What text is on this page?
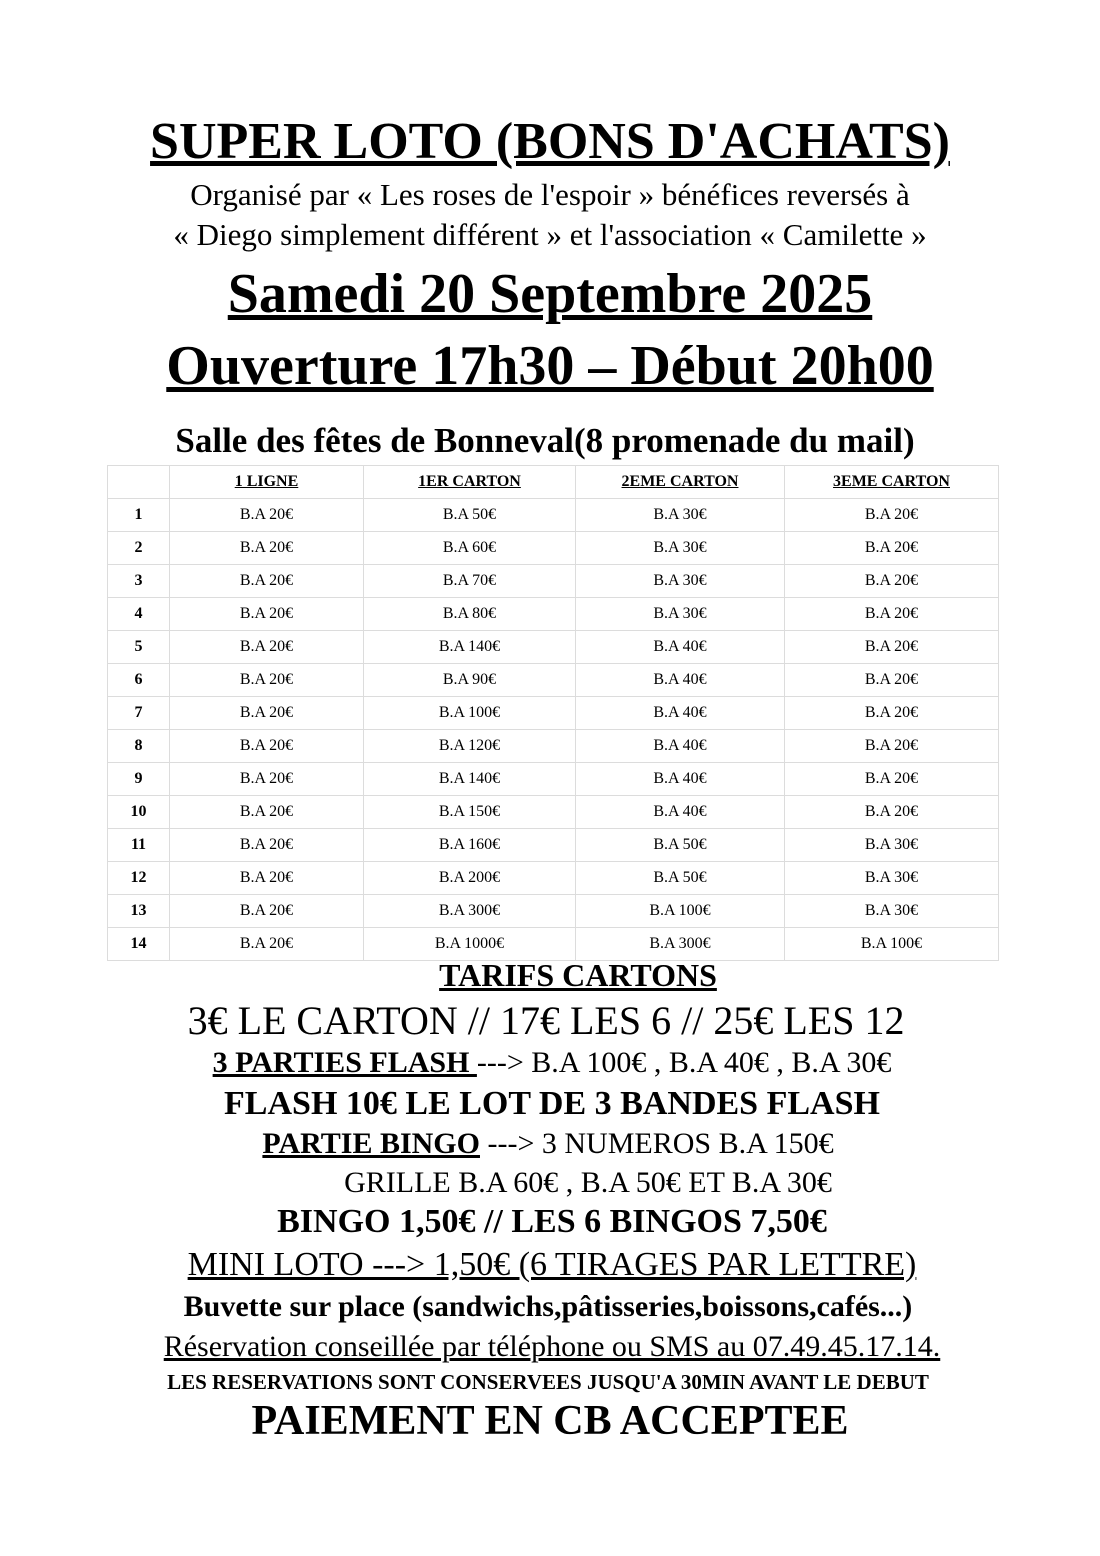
SUPER LOTO (BONS D'ACHATS)
Organisé par « Les roses de l'espoir » bénéfices reversés à
« Diego simplement différent » et l'association « Camilette »
Samedi 20 Septembre 2025
Ouverture 17h30 – Début 20h00
Salle des fêtes de Bonneval(8 promenade du mail)
	1 LIGNE	1ER CARTON	2EME CARTON	3EME CARTON
1	B.A 20€	B.A 50€	B.A 30€	B.A 20€
2	B.A 20€	B.A 60€	B.A 30€	B.A 20€
3	B.A 20€	B.A 70€	B.A 30€	B.A 20€
4	B.A 20€	B.A 80€	B.A 30€	B.A 20€
5	B.A 20€	B.A 140€	B.A 40€	B.A 20€
6	B.A 20€	B.A 90€	B.A 40€	B.A 20€
7	B.A 20€	B.A 100€	B.A 40€	B.A 20€
8	B.A 20€	B.A 120€	B.A 40€	B.A 20€
9	B.A 20€	B.A 140€	B.A 40€	B.A 20€
10	B.A 20€	B.A 150€	B.A 40€	B.A 20€
11	B.A 20€	B.A 160€	B.A 50€	B.A 30€
12	B.A 20€	B.A 200€	B.A 50€	B.A 30€
13	B.A 20€	B.A 300€	B.A 100€	B.A 30€
14	B.A 20€	B.A 1000€	B.A 300€	B.A 100€
TARIFS CARTONS
3€ LE CARTON // 17€ LES 6 // 25€ LES 12
3 PARTIES FLASH ---> B.A 100€ , B.A 40€ , B.A 30€
FLASH 10€ LE LOT DE 3 BANDES FLASH
PARTIE BINGO ---> 3 NUMEROS B.A 150€
GRILLE B.A 60€ , B.A 50€ ET B.A 30€
BINGO 1,50€ // LES 6 BINGOS 7,50€
MINI LOTO ---> 1,50€ (6 TIRAGES PAR LETTRE)
Buvette sur place (sandwichs,pâtisseries,boissons,cafés...)
Réservation conseillée par téléphone ou SMS au 07.49.45.17.14.
LES RESERVATIONS SONT CONSERVEES JUSQU'A 30MIN AVANT LE DEBUT
PAIEMENT EN CB ACCEPTEE
